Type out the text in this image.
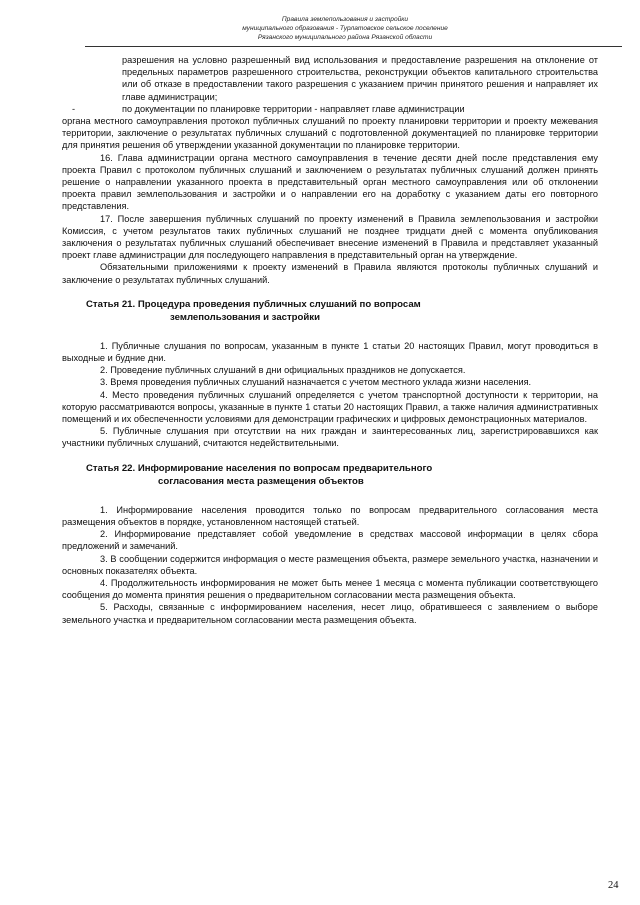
Правила землепользования и застройки
муниципального образования - Турлатовское сельское поселение
Рязанского муниципального района Рязанской области

разрешения на условно разрешенный вид использования и предоставление разрешения на отклонение от предельных параметров разрешенного строительства, реконструкции объектов капитального строительства или об отказе в предоставлении такого разрешения с указанием причин принятого решения и направляет их главе администрации;

-	по документации по планировке территории - направляет главе администрации

органа местного самоуправления протокол публичных слушаний по проекту планировки территории и проекту межевания территории, заключение о результатах публичных слушаний с подготовленной документацией по планировке территории для принятия решения об утверждении указанной документации по планировке территории.

16. Глава администрации органа местного самоуправления в течение десяти дней после представления ему проекта Правил с протоколом публичных слушаний и заключением о результатах публичных слушаний должен принять решение о направлении указанного проекта в представительный орган местного самоуправления или об отклонении проекта правил землепользования и застройки и о направлении его на доработку с указанием даты его повторного представления.

17. После завершения публичных слушаний по проекту изменений в Правила землепользования и застройки Комиссия, с учетом результатов таких публичных слушаний не позднее тридцати дней с момента опубликования заключения о результатах публичных слушаний обеспечивает внесение изменений в Правила и представляет указанный проект главе администрации для последующего направления в представительный орган на утверждение.

Обязательными приложениями к проекту изменений в Правила являются протоколы публичных слушаний и заключение о результатах публичных слушаний.

Статья 21. Процедура проведения публичных слушаний по вопросам

землепользования и застройки

1. Публичные слушания по вопросам, указанным в пункте 1 статьи 20 настоящих Правил, могут проводиться в выходные и будние дни.

2. Проведение публичных слушаний в дни официальных праздников не допускается.

3. Время проведения публичных слушаний назначается с учетом местного уклада жизни населения.

4. Место проведения публичных слушаний определяется с учетом транспортной доступности к территории, на которую рассматриваются вопросы, указанные в пункте 1 статьи 20 настоящих Правил, а также наличия административных помещений и их обеспеченности условиями для демонстрации графических и цифровых демонстрационных материалов.

5. Публичные слушания при отсутствии на них граждан и заинтересованных лиц, зарегистрировавшихся как участники публичных слушаний, считаются недействительными.

Статья 22. Информирование населения по вопросам предварительного

согласования места размещения объектов

1. Информирование населения проводится только по вопросам предварительного согласования места размещения объектов в порядке, установленном настоящей статьей.

2. Информирование представляет собой уведомление в средствах массовой информации в целях сбора предложений и замечаний.

3. В сообщении содержится информация о месте размещения объекта, размере земельного участка, назначении и основных показателях объекта.

4. Продолжительность информирования не может быть менее 1 месяца с момента публикации соответствующего сообщения до момента принятия решения о предварительном согласовании места размещения объекта.

5. Расходы, связанные с информированием населения, несет лицо, обратившееся с заявлением о выборе земельного участка и предварительном согласовании места размещения объекта.

24
